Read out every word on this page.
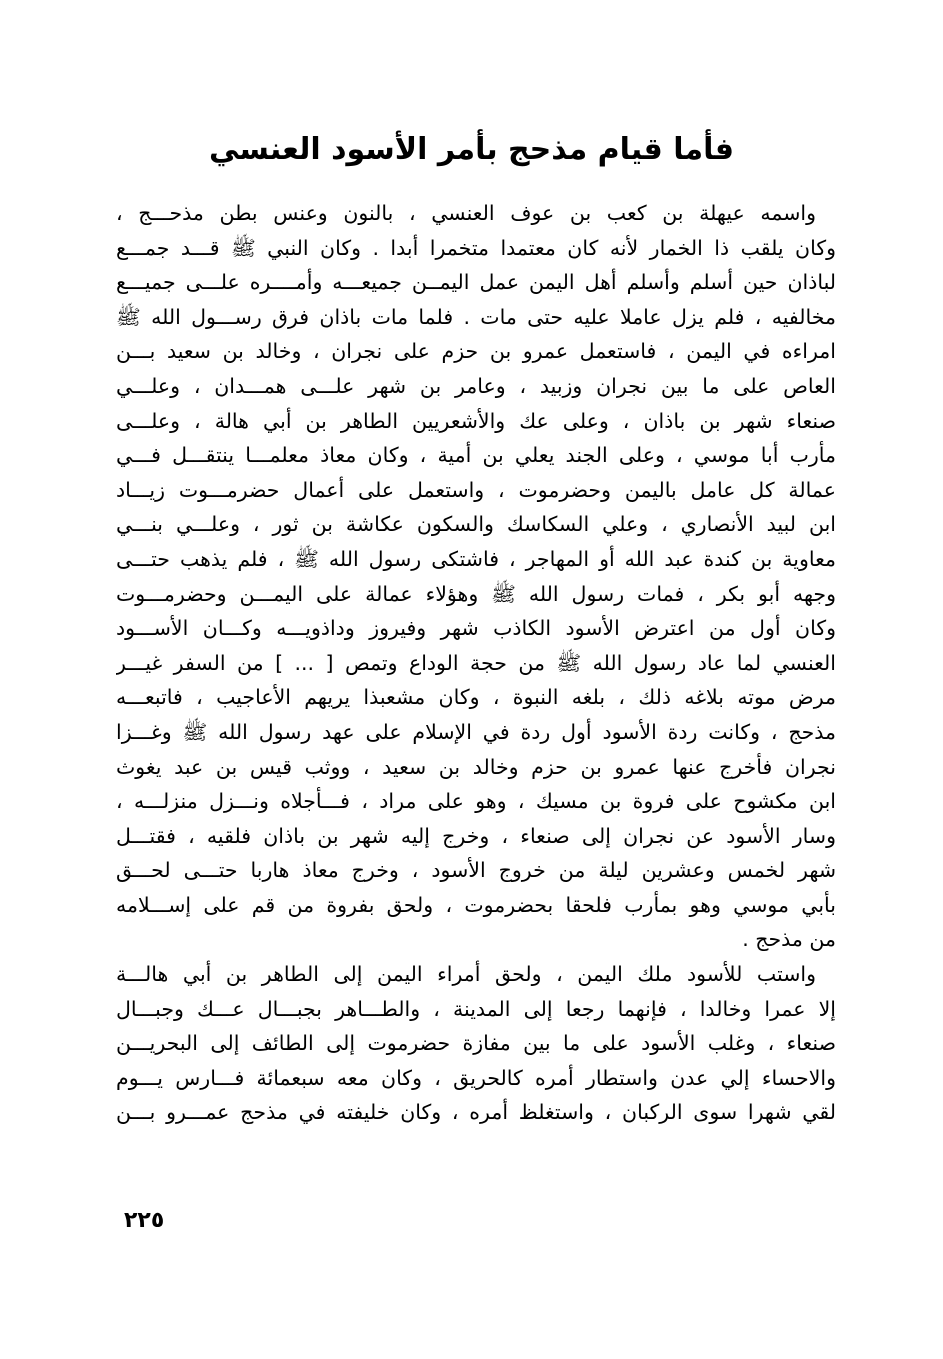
فأما قيام مذحج بأمر الأسود العنسي
واسمه عيهلة بن كعب بن عوف العنسي ، بالنون وعنس بطن مذحـــج ،
وكان يلقب ذا الخمار لأنه كان معتمدا متخمرا أبدا . وكان النبي ﷺ قـــد جمـــع
لباذان حين أسلم وأسلم أهل اليمن عمل اليمــن جميعـــه وأمــــره علـــى جميـــع
مخالفيه ، فلم يزل عاملا عليه حتى مات . فلما مات باذان فرق رســـول الله ﷺ
امراءه في اليمن ، فاستعمل عمرو بن حزم على نجران ، وخالد بن سعيد بـــن
العاص على ما بين نجران وزبيد ، وعامر بن شهر علـــى همـــدان ، وعلـــي
صنعاء شهر بن باذان ، وعلى عك والأشعريين الطاهر بن أبي هالة ، وعلـــى
مأرب أبا موسي ، وعلى الجند يعلي بن أمية ، وكان معاذ معلمـــا ينتقـــل فـــي
عمالة كل عامل باليمن وحضرموت ، واستعمل على أعمال حضرمـــوت زيـــاد
ابن لبيد الأنصاري ، وعلي السكاسك والسكون عكاشة بن ثور ، وعلـــي بنـــي
معاوية بن كندة عبد الله أو المهاجر ، فاشتكى رسول الله ﷺ ، فلم يذهب حتـــى
وجهه أبو بكر ، فمات رسول الله ﷺ وهؤلاء عمالة على اليمـــن وحضرمـــوت
وكان أول من اعترض الأسود الكاذب شهر وفيروز وداذويـــه وكـــان الأســـود
العنسي لما عاد رسول الله ﷺ من حجة الوداع وتمص [ ... ] من السفر غيـــر
مرض موته بلاغه ذلك ، بلغه النبوة ، وكان مشعبذا يريهم الأعاجيب ، فاتبعـــه
مذحج ، وكانت ردة الأسود أول ردة في الإسلام على عهد رسول الله ﷺ وغـــزا
نجران فأخرج عنها عمرو بن حزم وخالد بن سعيد ، ووثب قيس بن عبد يغوث
ابن مكشوح على فروة بن مسيك ، وهو على مراد ، فـــأجلاه ونـــزل منزلـــه ،
وسار الأسود عن نجران إلى صنعاء ، وخرج إليه شهر بن باذان فلقيه ، فقتـــل
شهر لخمس وعشرين ليلة من خروج الأسود ، وخرج معاذ هاربا حتـــى لحـــق
بأبي موسي وهو بمأرب فلحقا بحضرموت ، ولحق بفروة من قم على إســـلامه
من مذحج .
واستب للأسود ملك اليمن ، ولحق أمراء اليمن إلى الطاهر بن أبي هالـــة
إلا عمرا وخالدا ، فإنهما رجعا إلى المدينة ، والطـــاهر بجبـــال عـــك وجبـــال
صنعاء ، وغلب الأسود على ما بين مفازة حضرموت إلى الطائف إلى البحريـــن
والاحساء إلي عدن واستطار أمره كالحريق ، وكان معه سبعمائة فـــارس يـــوم
لقي شهرا سوى الركبان ، واستغلظ أمره ، وكان خليفته في مذحج عمـــرو بـــن
٢٢٥
